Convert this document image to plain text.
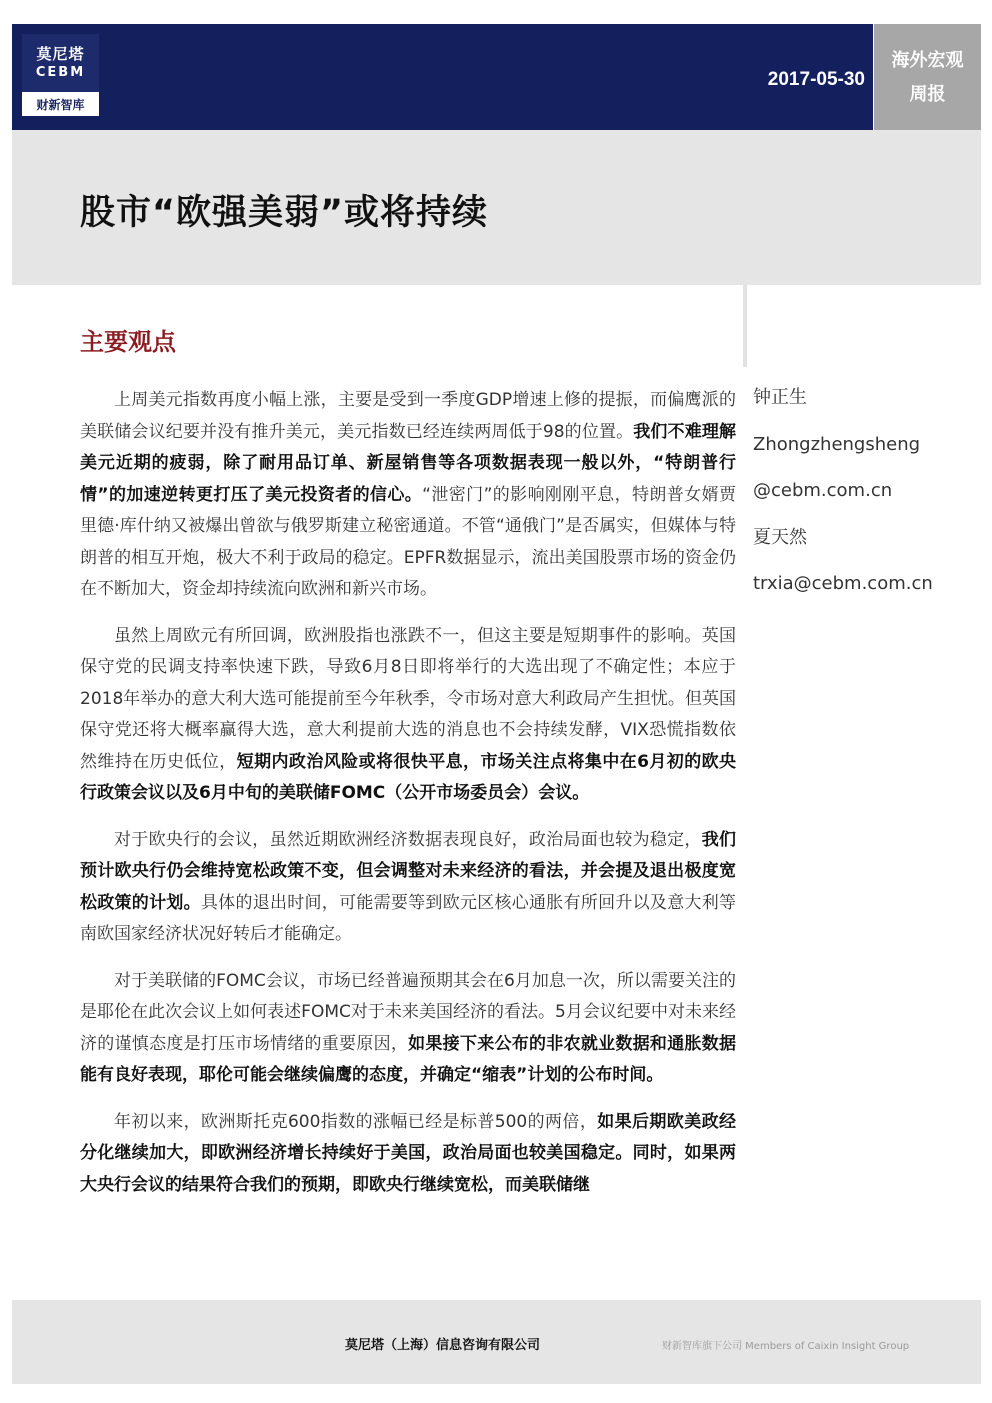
莫尼塔
CEBM
财新智库
2017-05-30
海外宏观
周报
股市“欧强美弱”或将持续
主要观点

上周美元指数再度小幅上涨，主要是受到一季度GDP增速上修的提振，而偏鹰派的美联储会议纪要并没有推升美元，美元指数已经连续两周低于98的位置。我们不难理解美元近期的疲弱，除了耐用品订单、新屋销售等各项数据表现一般以外，“特朗普行情”的加速逆转更打压了美元投资者的信心。“泄密门”的影响刚刚平息，特朗普女婿贾里德·库什纳又被爆出曾欲与俄罗斯建立秘密通道。不管“通俄门”是否属实，但媒体与特朗普的相互开炮，极大不利于政局的稳定。EPFR数据显示，流出美国股票市场的资金仍在不断加大，资金却持续流向欧洲和新兴市场。

虽然上周欧元有所回调，欧洲股指也涨跌不一，但这主要是短期事件的影响。英国保守党的民调支持率快速下跌，导致6月8日即将举行的大选出现了不确定性；本应于2018年举办的意大利大选可能提前至今年秋季，令市场对意大利政局产生担忧。但英国保守党还将大概率赢得大选，意大利提前大选的消息也不会持续发酵，VIX恐慌指数依然维持在历史低位，短期内政治风险或将很快平息，市场关注点将集中在6月初的欧央行政策会议以及6月中旬的美联储FOMC（公开市场委员会）会议。

对于欧央行的会议，虽然近期欧洲经济数据表现良好，政治局面也较为稳定，我们预计欧央行仍会维持宽松政策不变，但会调整对未来经济的看法，并会提及退出极度宽松政策的计划。具体的退出时间，可能需要等到欧元区核心通胀有所回升以及意大利等南欧国家经济状况好转后才能确定。

对于美联储的FOMC会议，市场已经普遍预期其会在6月加息一次，所以需要关注的是耶伦在此次会议上如何表述FOMC对于未来美国经济的看法。5月会议纪要中对未来经济的谨慎态度是打压市场情绪的重要原因，如果接下来公布的非农就业数据和通胀数据能有良好表现，耶伦可能会继续偏鹰的态度，并确定“缩表”计划的公布时间。

年初以来，欧洲斯托克600指数的涨幅已经是标普500的两倍，如果后期欧美政经分化继续加大，即欧洲经济增长持续好于美国，政治局面也较美国稳定。同时，如果两大央行会议的结果符合我们的预期，即欧央行继续宽松，而美联储继

钟正生
Zhongzhengsheng
@cebm.com.cn
夏天然
trxia@cebm.com.cn
莫尼塔（上海）信息咨询有限公司	财新智库旗下公司 Members of Caixin Insight Group
